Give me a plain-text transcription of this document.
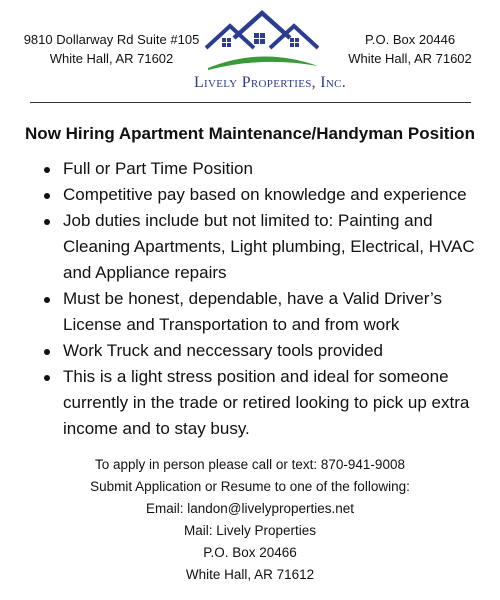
9810 Dollarway Rd Suite #105
White Hall, AR 71602
Lively Properties, Inc.
P.O. Box 20446
White Hall, AR 71602
Now Hiring Apartment Maintenance/Handyman Position
Full or Part Time Position
Competitive pay based on knowledge and experience
Job duties include but not limited to: Painting and Cleaning Apartments, Light plumbing, Electrical, HVAC and Appliance repairs
Must be honest, dependable, have a Valid Driver’s License and Transportation to and from work
Work Truck and neccessary tools provided
This is a light stress position and ideal for someone currently in the trade or retired looking to pick up extra income and to stay busy.
To apply in person please call or text: 870-941-9008
Submit Application or Resume to one of the following:
Email: landon@livelyproperties.net
Mail: Lively Properties
P.O. Box 20466
White Hall, AR 71612
